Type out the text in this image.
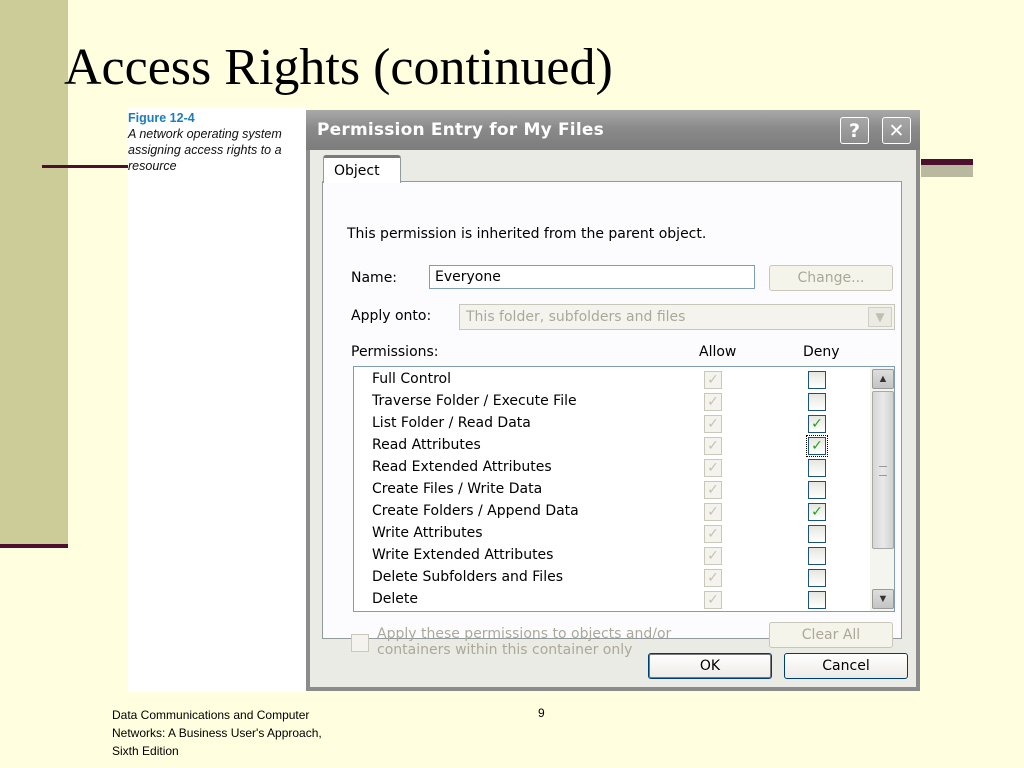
Access Rights (continued)
Figure 12-4
A network operating system assigning access rights to a resource
Permission Entry for My Files	?	✕
Object
This permission is inherited from the parent object.
Name:	Everyone	Change...
Apply onto:	This folder, subfolders and files	▼
Permissions:	Allow	Deny
Full Control	✓
Traverse Folder / Execute File	✓
List Folder / Read Data	✓	✓
Read Attributes	✓	✓
Read Extended Attributes	✓
Create Files / Write Data	✓
Create Folders / Append Data	✓	✓
Write Attributes	✓
Write Extended Attributes	✓
Delete Subfolders and Files	✓
Delete	✓
▲
▼
Apply these permissions to objects and/or
containers within this container only
Clear All
OK	Cancel
Data Communications and Computer
Networks: A Business User's Approach,
Sixth Edition
9
